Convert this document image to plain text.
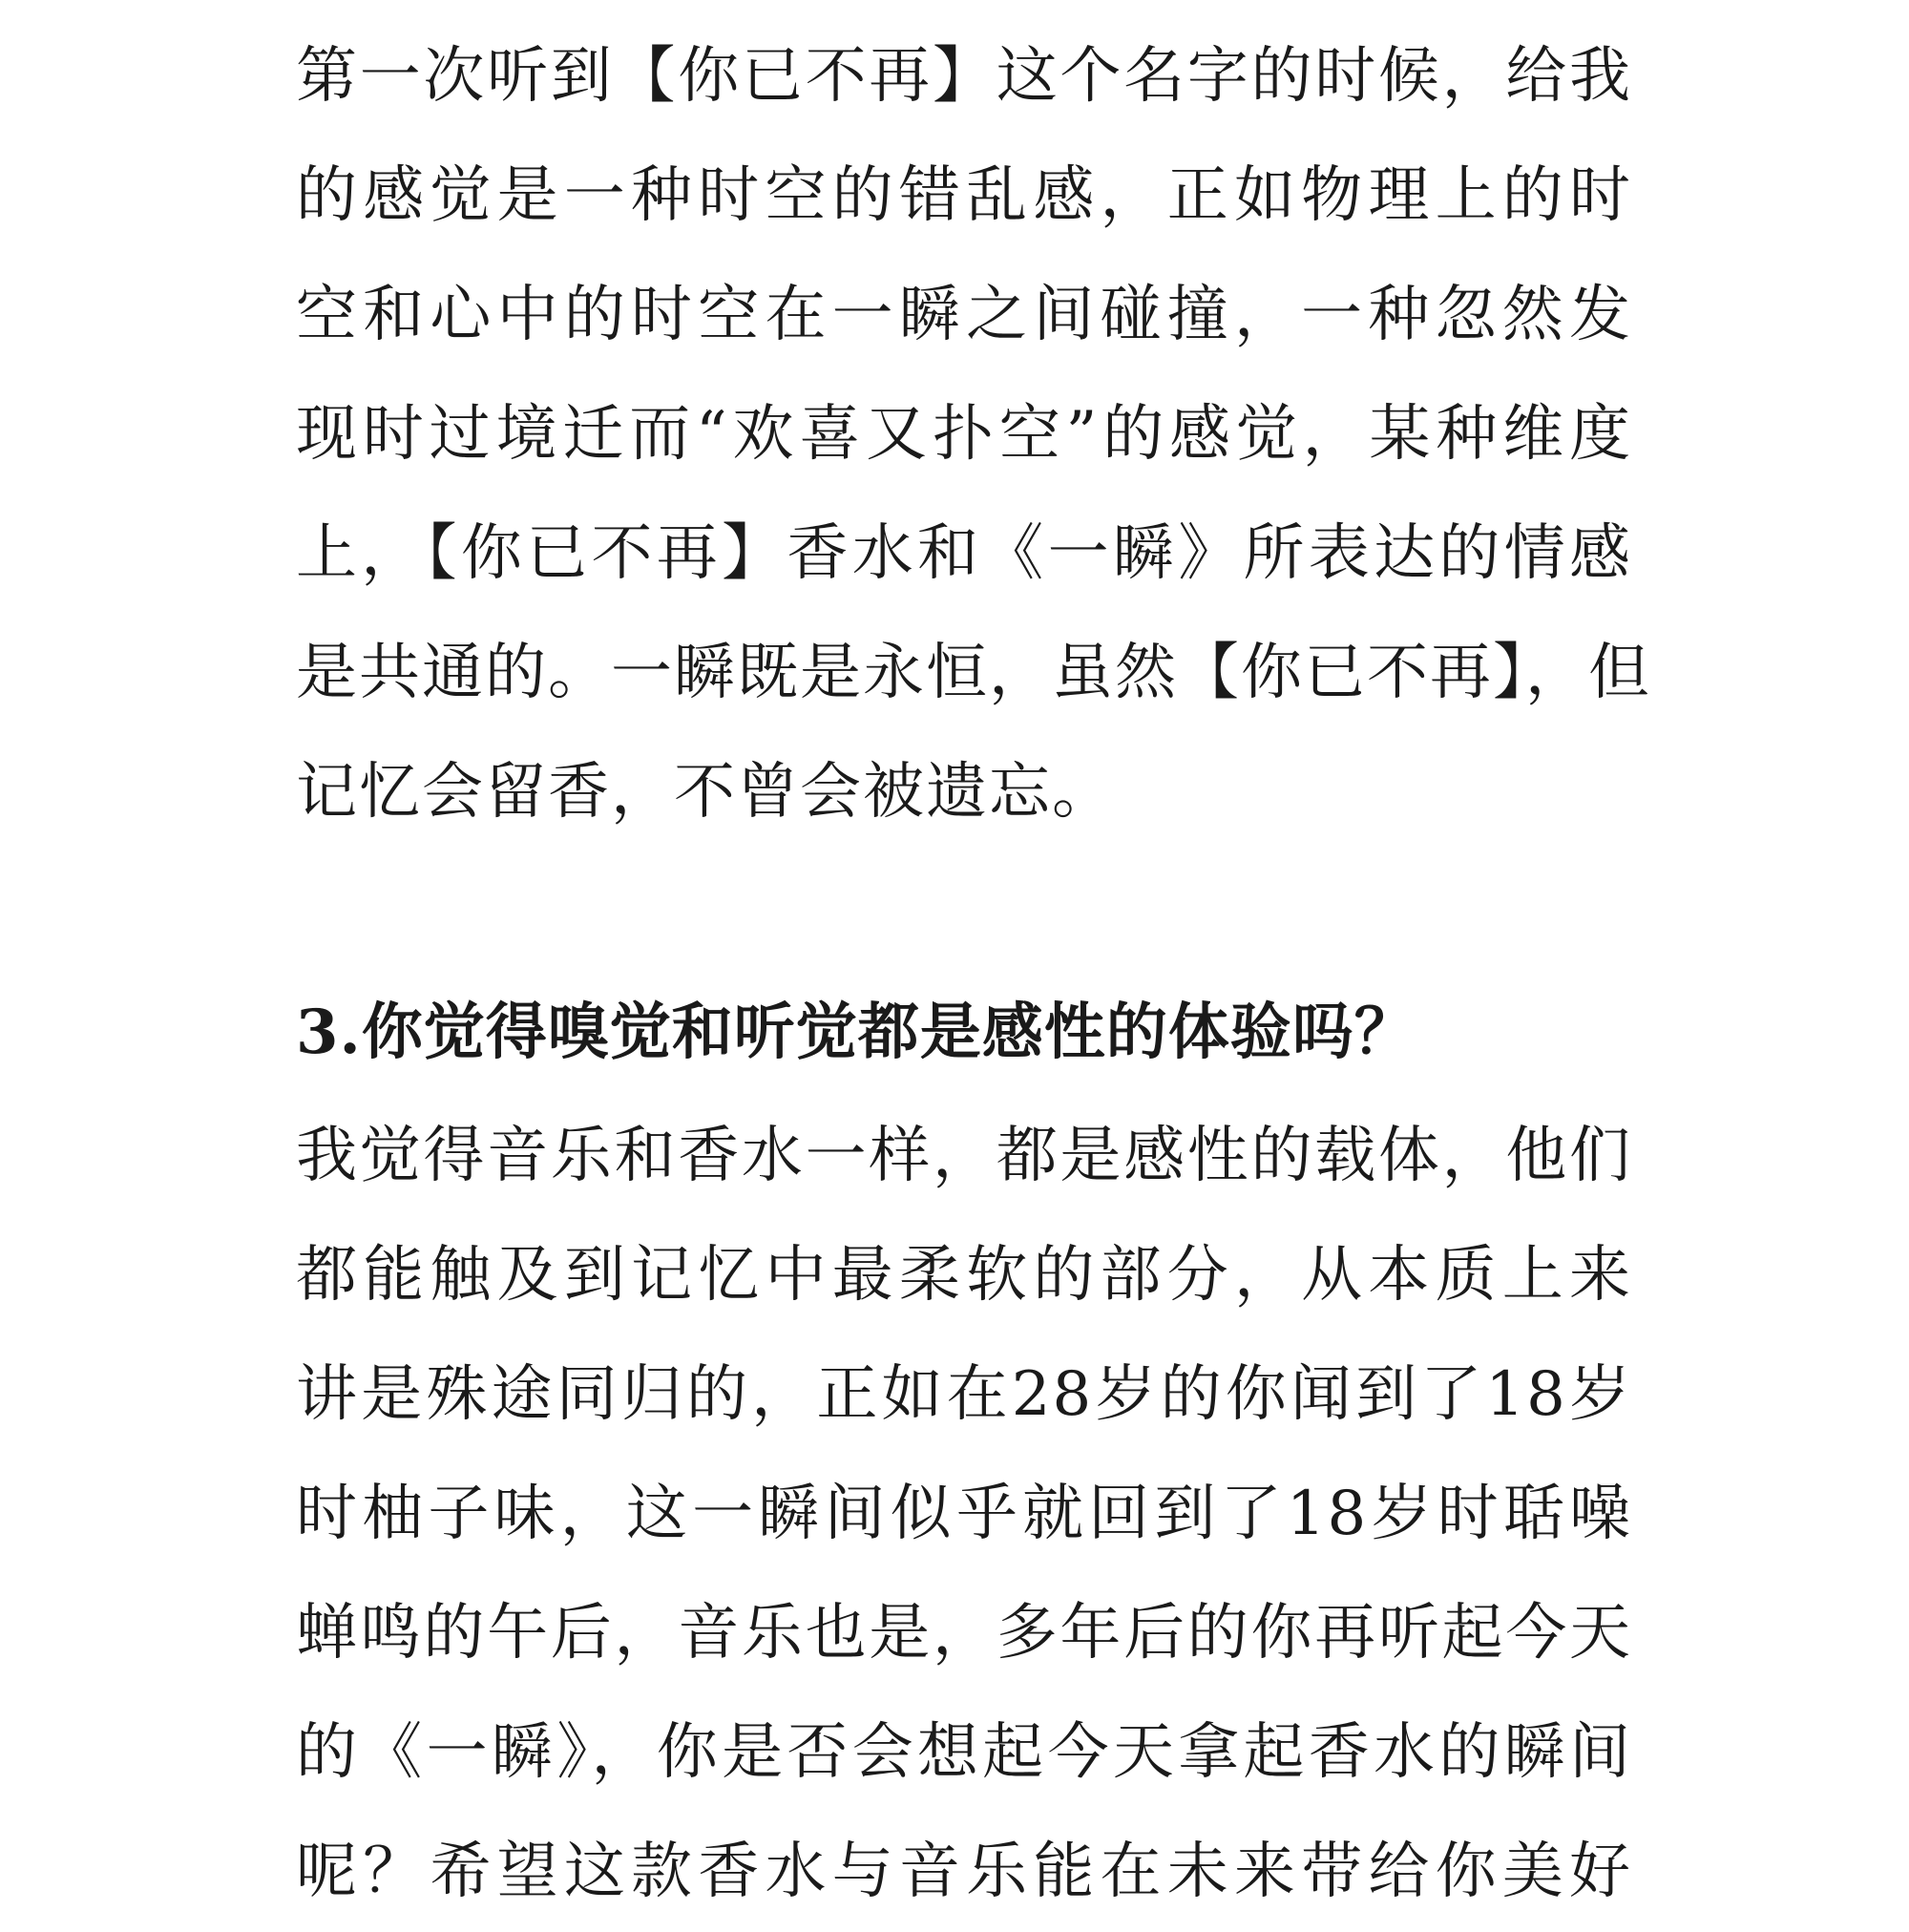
第一次听到【你已不再】这个名字的时候，给我
的感觉是一种时空的错乱感，正如物理上的时
空和心中的时空在一瞬之间碰撞，一种忽然发
现时过境迁而“欢喜又扑空”的感觉，某种维度
上，【你已不再】香水和《一瞬》所表达的情感
是共通的。一瞬既是永恒，虽然【你已不再】，但
记忆会留香，不曾会被遗忘。
3.你觉得嗅觉和听觉都是感性的体验吗？
我觉得音乐和香水一样，都是感性的载体，他们
都能触及到记忆中最柔软的部分，从本质上来
讲是殊途同归的，正如在28岁的你闻到了18岁
时柚子味，这一瞬间似乎就回到了18岁时聒噪
蝉鸣的午后，音乐也是，多年后的你再听起今天
的《一瞬》，你是否会想起今天拿起香水的瞬间
呢？希望这款香水与音乐能在未来带给你美好
